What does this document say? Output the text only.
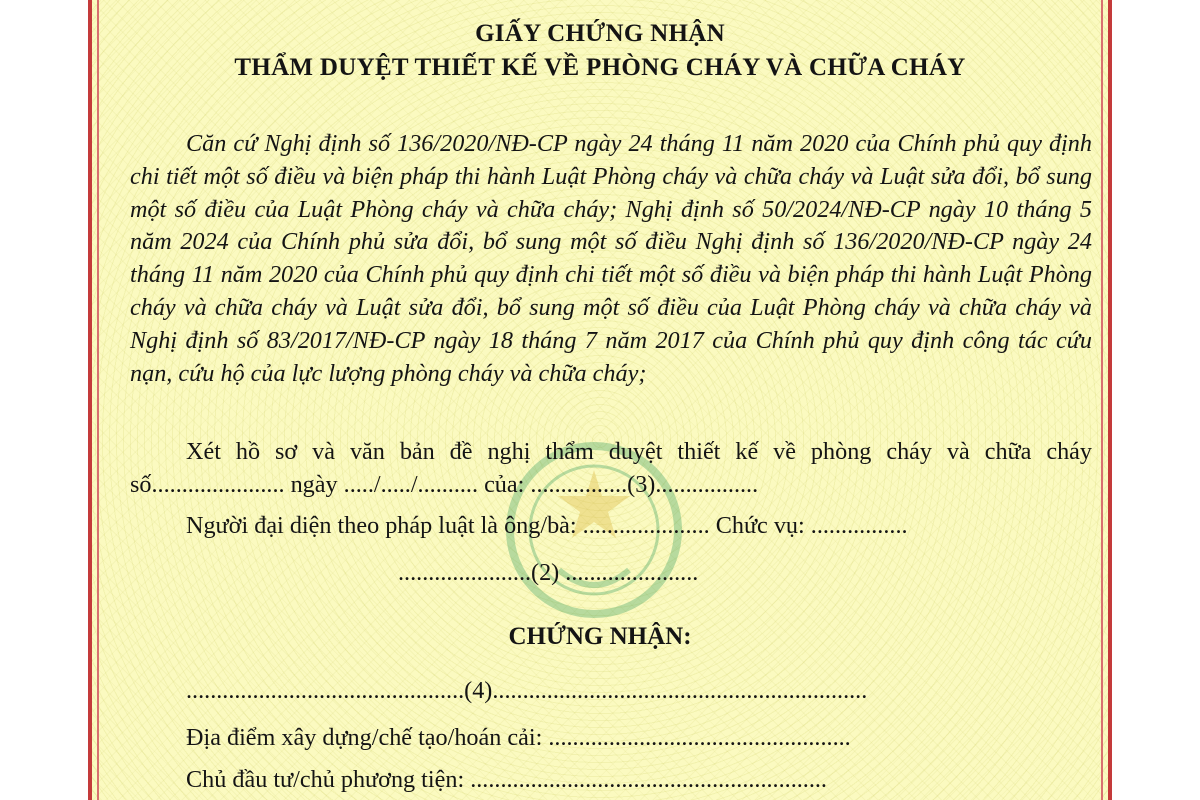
GIẤY CHỨNG NHẬN
THẨM DUYỆT THIẾT KẾ VỀ PHÒNG CHÁY VÀ CHỮA CHÁY
Căn cứ Nghị định số 136/2020/NĐ-CP ngày 24 tháng 11 năm 2020 của Chính phủ quy định chi tiết một số điều và biện pháp thi hành Luật Phòng cháy và chữa cháy và Luật sửa đổi, bổ sung một số điều của Luật Phòng cháy và chữa cháy; Nghị định số 50/2024/NĐ-CP ngày 10 tháng 5 năm 2024 của Chính phủ sửa đổi, bổ sung một số điều Nghị định số 136/2020/NĐ-CP ngày 24 tháng 11 năm 2020 của Chính phủ quy định chi tiết một số điều và biện pháp thi hành Luật Phòng cháy và chữa cháy và Luật sửa đổi, bổ sung một số điều của Luật Phòng cháy và chữa cháy và Nghị định số 83/2017/NĐ-CP ngày 18 tháng 7 năm 2017 của Chính phủ quy định công tác cứu nạn, cứu hộ của lực lượng phòng cháy và chữa cháy;
Xét hồ sơ và văn bản đề nghị thẩm duyệt thiết kế về phòng cháy và chữa cháy số...................... ngày ...../...../.......... của: ................(3).................
Người đại diện theo pháp luật là ông/bà: ..................... Chức vụ: ................
......................(2) ......................
CHỨNG NHẬN:
..............................................(4)..............................................................
Địa điểm xây dựng/chế tạo/hoán cải: ..................................................
Chủ đầu tư/chủ phương tiện: ...........................................................
